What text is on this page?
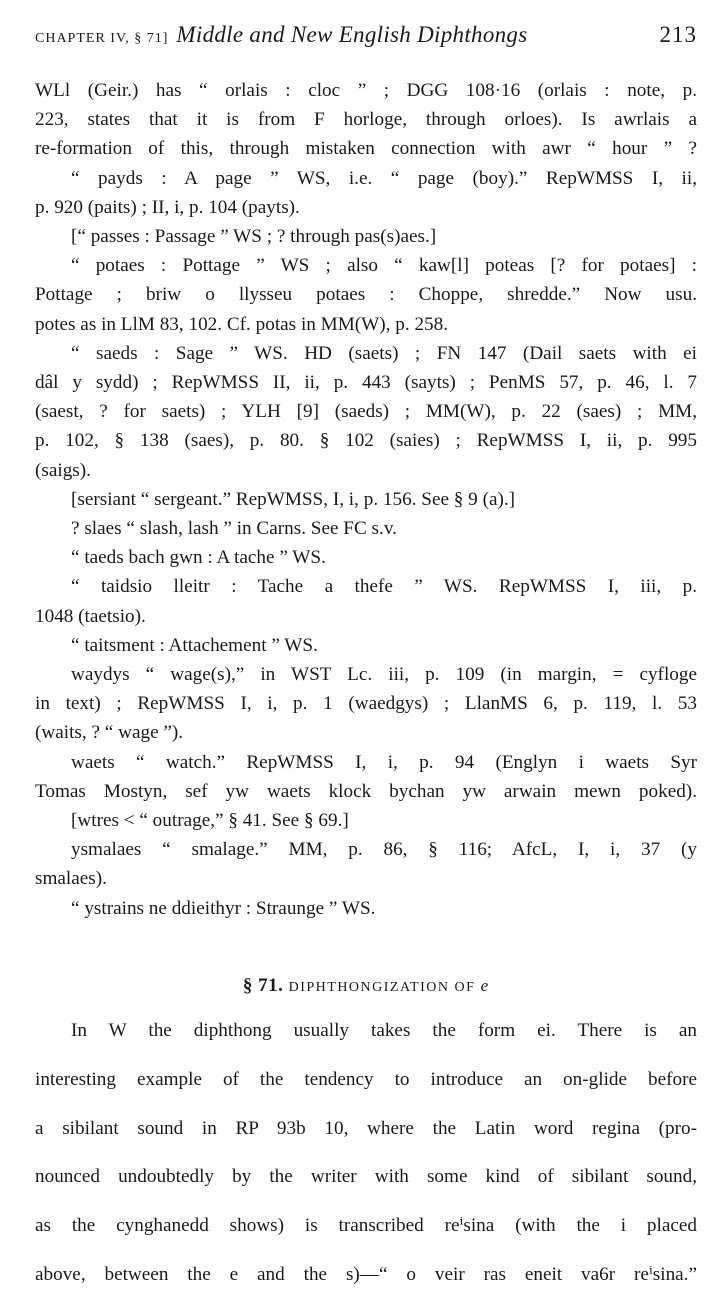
CHAPTER IV, § 71] Middle and New English Diphthongs	213

WLl (Geir.) has “ orlais : cloc ” ; DGG 108·16 (orlais : note, p.

223, states that it is from F horloge, through orloes). Is awrlais a

re-formation of this, through mistaken connection with awr “ hour ” ?

“ payds : A page ” WS, i.e. “ page (boy).” RepWMSS I, ii,

p. 920 (paits) ; II, i, p. 104 (payts).

[“ passes : Passage ” WS ; ? through pas(s)aes.]

“ potaes : Pottage ” WS ; also “ kaw[l] poteas [? for potaes] :

Pottage ; briw o llysseu potaes : Choppe, shredde.” Now usu.

potes as in LlM 83, 102. Cf. potas in MM(W), p. 258.

“ saeds : Sage ” WS. HD (saets) ; FN 147 (Dail saets with ei

dâl y sydd) ; RepWMSS II, ii, p. 443 (sayts) ; PenMS 57, p. 46, l. 7

(saest, ? for saets) ; YLH [9] (saeds) ; MM(W), p. 22 (saes) ; MM,

p. 102, § 138 (saes), p. 80. § 102 (saies) ; RepWMSS I, ii, p. 995

(saigs).

[sersiant “ sergeant.” RepWMSS, I, i, p. 156. See § 9 (a).]

? slaes “ slash, lash ” in Carns. See FC s.v.

“ taeds bach gwn : A tache ” WS.

“ taidsio lleitr : Tache a thefe ” WS. RepWMSS I, iii, p.

1048 (taetsio).

“ taitsment : Attachement ” WS.

waydys “ wage(s),” in WST Lc. iii, p. 109 (in margin, = cyfloge

in text) ; RepWMSS I, i, p. 1 (waedgys) ; LlanMS 6, p. 119, l. 53

(waits, ? “ wage ”).

waets “ watch.” RepWMSS I, i, p. 94 (Englyn i waets Syr

Tomas Mostyn, sef yw waets klock bychan yw arwain mewn poked).

[wtres < “ outrage,” § 41. See § 69.]

ysmalaes “ smalage.” MM, p. 86, § 116; AfcL, I, i, 37 (y

smalaes).

“ ystrains ne ddieithyr : Straunge ” WS.

§ 71. DIPHTHONGIZATION OF e

In W the diphthong usually takes the form ei. There is an

interesting example of the tendency to introduce an on-glide before

a sibilant sound in RP 93b 10, where the Latin word regina (pro-

nounced undoubtedly by the writer with some kind of sibilant sound,

as the cynghanedd shows) is transcribed reⁱsina (with the i placed

above, between the e and the s)—“ o veir ras eneit va6r reⁱsina.”
